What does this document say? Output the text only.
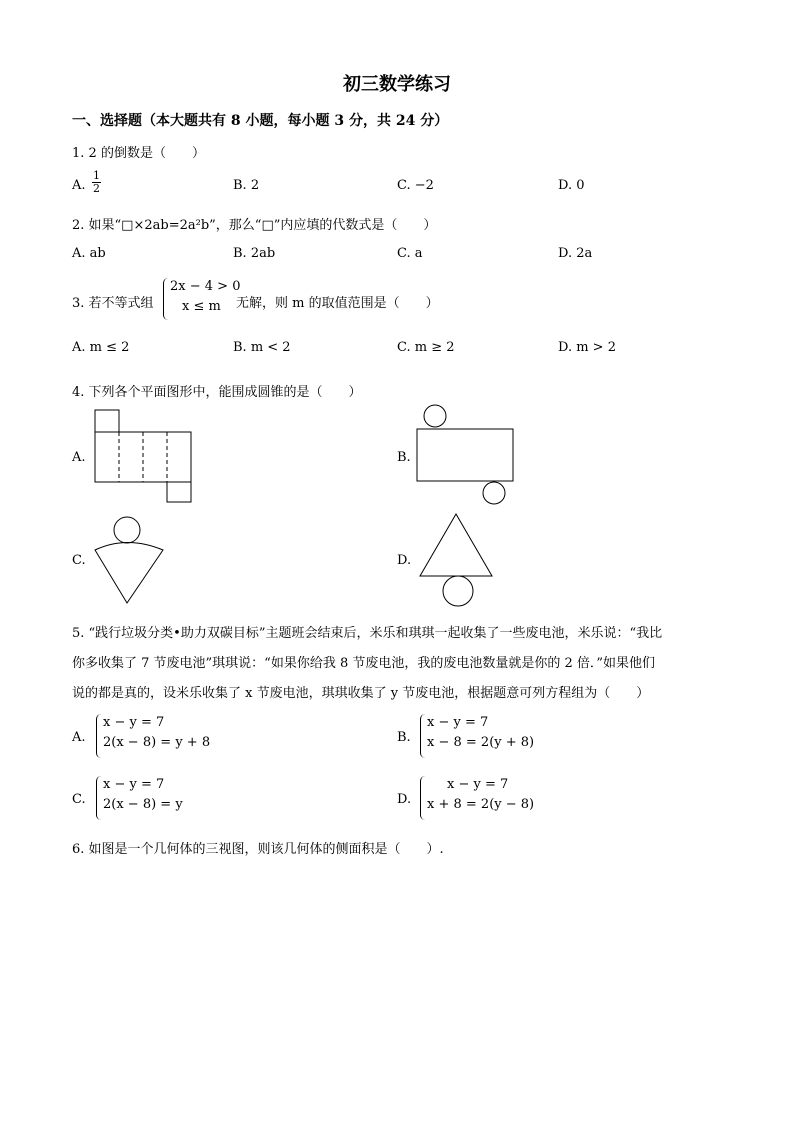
初三数学练习
一、选择题（本大题共有 8 小题，每小题 3 分，共 24 分）
1. 2 的倒数是（　　）
A. $\frac{1}{2}$	B. 2	C. −2	D. 0
2. 如果“□×2ab=2a²b”，那么“□”内应填的代数式是（　　）
A. ab	B. 2ab	C. a	D. 2a
3. 若不等式组
2x − 4 > 0
x ≤ m	无解，则 m 的取值范围是（　　）
A. m ≤ 2	B. m < 2	C. m ≥ 2	D. m > 2
4. 下列各个平面图形中，能围成圆锥的是（　　）
A.	B.
C.	D.
5. “践行垃圾分类•助力双碳目标”主题班会结束后，米乐和琪琪一起收集了一些废电池，米乐说：“我比
你多收集了 7 节废电池”琪琪说：“如果你给我 8 节废电池，我的废电池数量就是你的 2 倍．”如果他们
说的都是真的，设米乐收集了 x 节废电池，琪琪收集了 y 节废电池，根据题意可列方程组为（　　）
A.
x − y = 7
2(x − 8) = y + 8	B.
x − y = 7
x − 8 = 2(y + 8)
C.
x − y = 7
2(x − 8) = y	D.
x − y = 7
x + 8 = 2(y − 8)
6. 如图是一个几何体的三视图，则该几何体的侧面积是（　　）.
